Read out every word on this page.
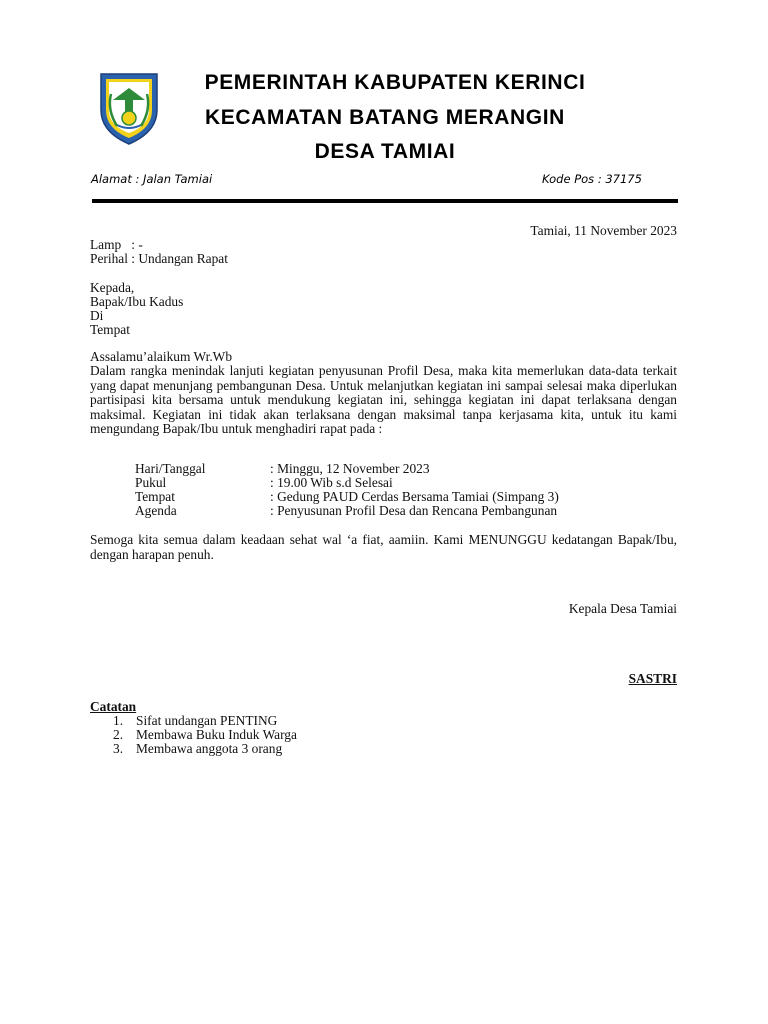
PEMERINTAH KABUPATEN KERINCI
KECAMATAN BATANG MERANGIN
DESA TAMIAI
Alamat : Jalan Tamiai	Kode Pos : 37175
Tamiai, 11 November 2023
Lamp   : -
Perihal : Undangan Rapat
Kepada,
Bapak/Ibu Kadus
Di
Tempat
Assalamu’alaikum Wr.Wb
Dalam rangka menindak lanjuti kegiatan penyusunan Profil Desa, maka kita memerlukan data-data terkait yang dapat menunjang pembangunan Desa. Untuk melanjutkan kegiatan ini sampai selesai maka diperlukan partisipasi kita bersama untuk mendukung kegiatan ini, sehingga kegiatan ini dapat terlaksana dengan maksimal. Kegiatan ini tidak akan terlaksana dengan maksimal tanpa kerjasama kita, untuk itu kami mengundang Bapak/Ibu untuk menghadiri rapat pada :
Hari/Tanggal	: Minggu, 12 November 2023
Pukul	: 19.00 Wib s.d Selesai
Tempat	: Gedung PAUD Cerdas Bersama Tamiai (Simpang 3)
Agenda	: Penyusunan Profil Desa dan Rencana Pembangunan
Semoga kita semua dalam keadaan sehat wal ‘a fiat, aamiin. Kami MENUNGGU kedatangan Bapak/Ibu, dengan harapan penuh.
Kepala Desa Tamiai
SASTRI
Catatan
1. Sifat undangan PENTING
2. Membawa Buku Induk Warga
3. Membawa anggota 3 orang
